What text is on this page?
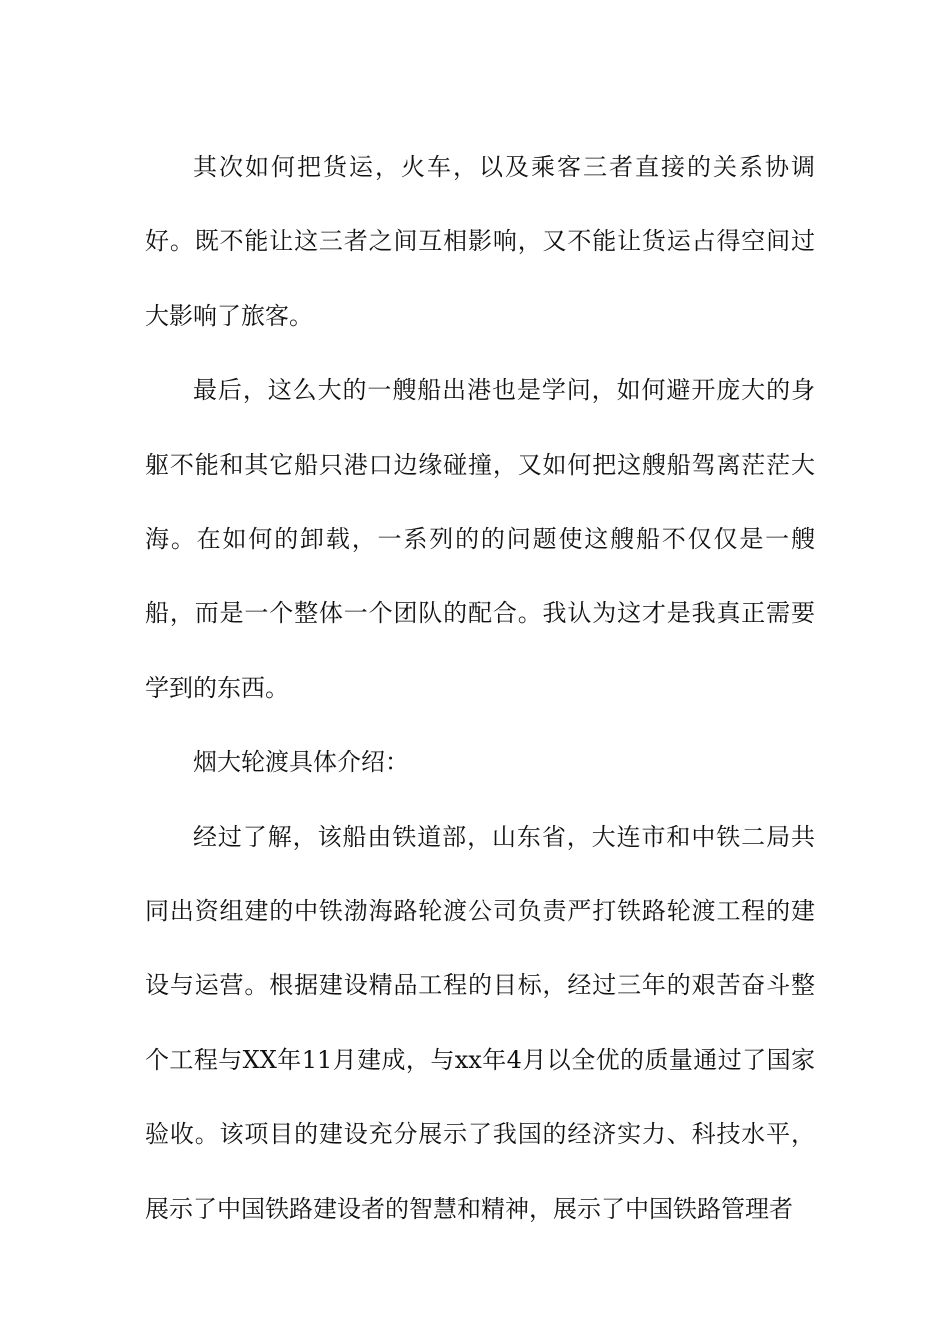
其次如何把货运，火车，以及乘客三者直接的关系协调好。既不能让这三者之间互相影响，又不能让货运占得空间过大影响了旅客。

最后，这么大的一艘船出港也是学问，如何避开庞大的身躯不能和其它船只港口边缘碰撞，又如何把这艘船驾离茫茫大海。在如何的卸载，一系列的的问题使这艘船不仅仅是一艘船，而是一个整体一个团队的配合。我认为这才是我真正需要学到的东西。

烟大轮渡具体介绍：

经过了解，该船由铁道部，山东省，大连市和中铁二局共同出资组建的中铁渤海路轮渡公司负责严打铁路轮渡工程的建设与运营。根据建设精品工程的目标，经过三年的艰苦奋斗整个工程与XX年11月建成，与xx年4月以全优的质量通过了国家验收。该项目的建设充分展示了我国的经济实力、科技水平，展示了中国铁路建设者的智慧和精神，展示了中国铁路管理者
